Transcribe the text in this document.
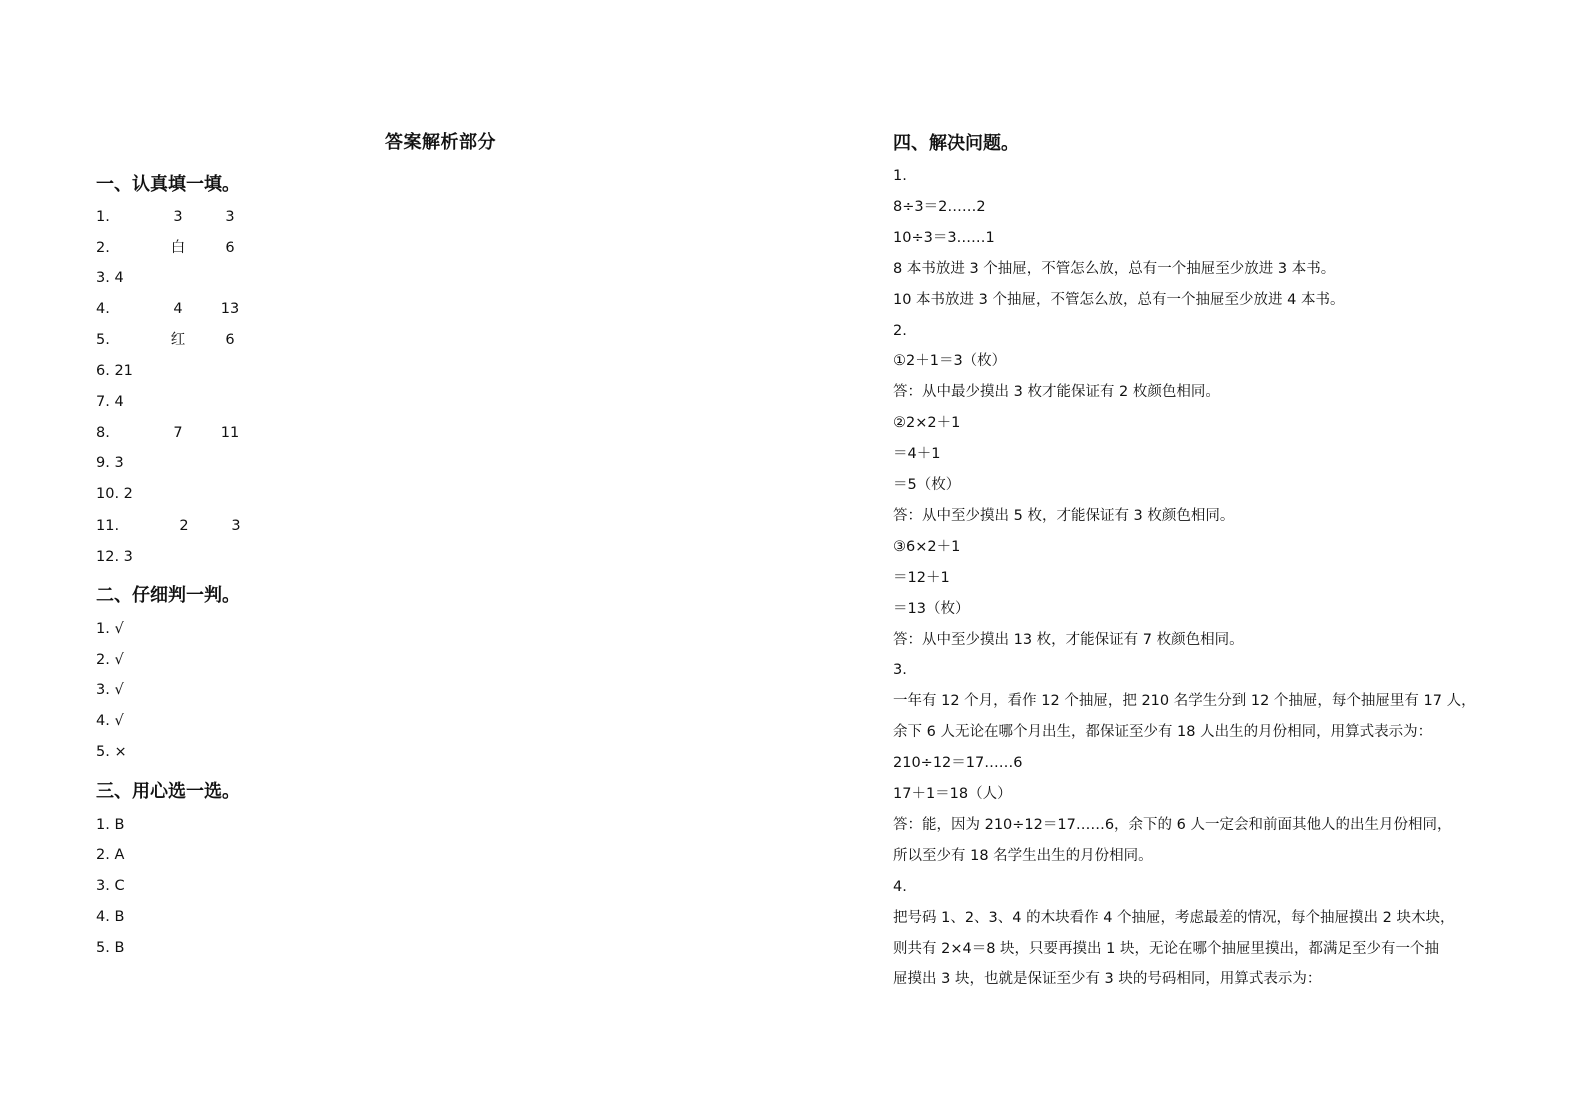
答案解析部分
一、认真填一填。
1.	3	3
2.	白	6
3. 4
4.	4	13
5.	红	6
6. 21
7. 4
8.	7	11
9. 3
10. 2
11.	2	3
12. 3
二、仔细判一判。
1. √
2. √
3. √
4. √
5. ×
三、用心选一选。
1. B
2. A
3. C
4. B
5. B
四、解决问题。
1.
8÷3＝2……2
10÷3＝3……1
8 本书放进 3 个抽屉，不管怎么放，总有一个抽屉至少放进 3 本书。
10 本书放进 3 个抽屉，不管怎么放，总有一个抽屉至少放进 4 本书。
2.
①2＋1＝3（枚）
答：从中最少摸出 3 枚才能保证有 2 枚颜色相同。
②2×2＋1
＝4＋1
＝5（枚）
答：从中至少摸出 5 枚，才能保证有 3 枚颜色相同。
③6×2＋1
＝12＋1
＝13（枚）
答：从中至少摸出 13 枚，才能保证有 7 枚颜色相同。
3.
一年有 12 个月，看作 12 个抽屉，把 210 名学生分到 12 个抽屉，每个抽屉里有 17 人，
余下 6 人无论在哪个月出生，都保证至少有 18 人出生的月份相同，用算式表示为：
210÷12＝17……6
17＋1＝18（人）
答：能，因为 210÷12＝17……6，余下的 6 人一定会和前面其他人的出生月份相同，
所以至少有 18 名学生出生的月份相同。
4.
把号码 1、2、3、4 的木块看作 4 个抽屉，考虑最差的情况，每个抽屉摸出 2 块木块，
则共有 2×4＝8 块，只要再摸出 1 块，无论在哪个抽屉里摸出，都满足至少有一个抽
屉摸出 3 块，也就是保证至少有 3 块的号码相同，用算式表示为：
